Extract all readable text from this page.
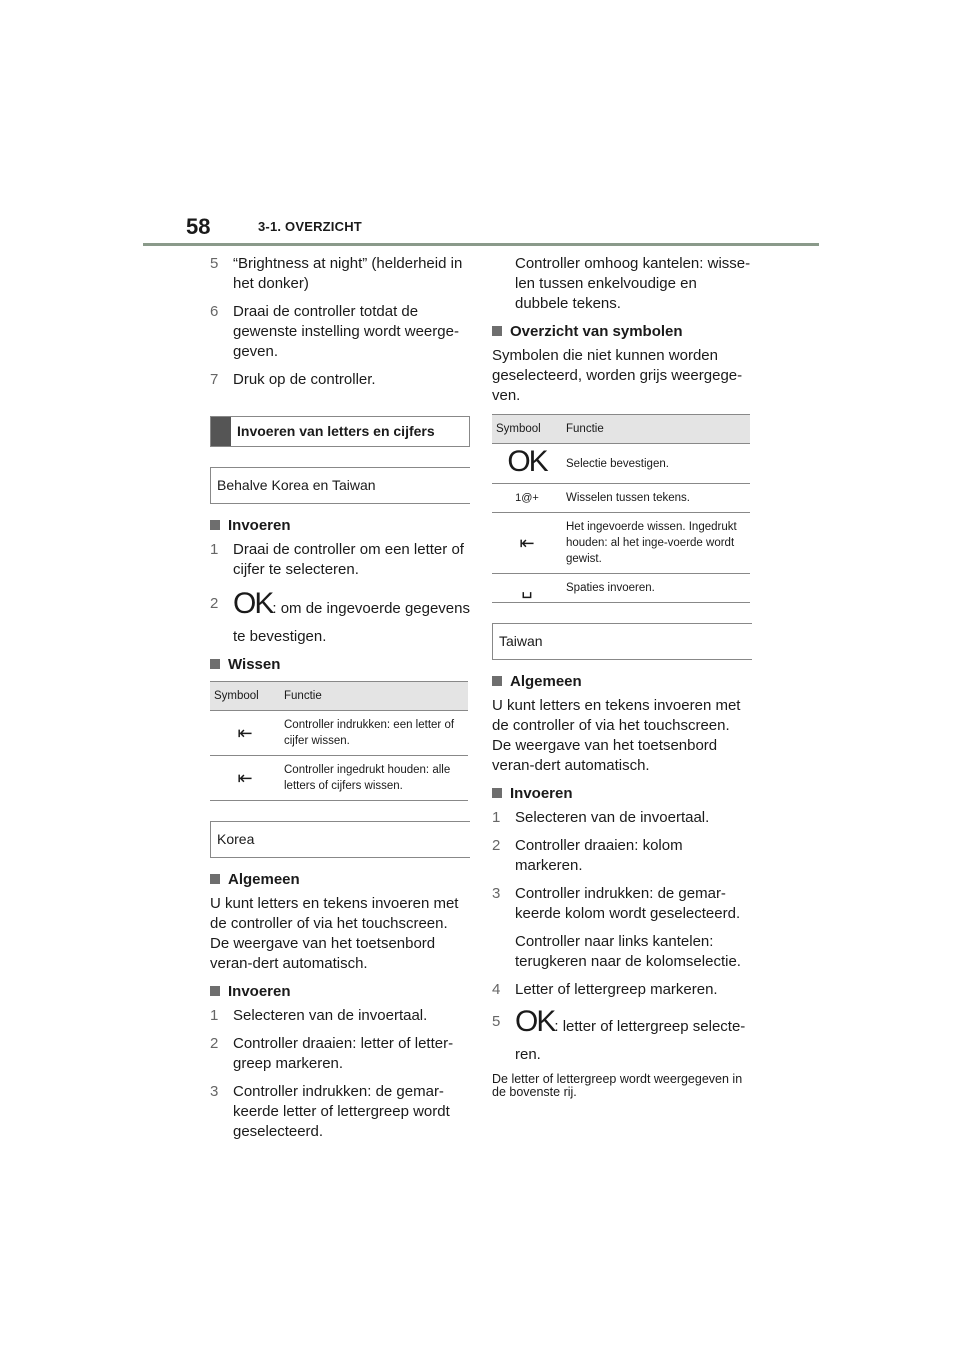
58	3-1. OVERZICHT
5 “Brightness at night” (helderheid in het donker)
6 Draai de controller totdat de gewenste instelling wordt weerge-geven.
7 Druk op de controller.
Invoeren van letters en cijfers
Behalve Korea en Taiwan
Invoeren
1 Draai de controller om een letter of cijfer te selecteren.
2 OK: om de ingevoerde gegevens
te bevestigen.
Wissen
Symbool	Functie
⇤	Controller indrukken: een letter of cijfer wissen.
⇤	Controller ingedrukt houden: alle letters of cijfers wissen.
Korea
Algemeen
U kunt letters en tekens invoeren met de controller of via het touchscreen. De weergave van het toetsenbord veran-dert automatisch.
Invoeren
1 Selecteren van de invoertaal.
2 Controller draaien: letter of letter-greep markeren.
3 Controller indrukken: de gemar-keerde letter of lettergreep wordt geselecteerd.
Controller omhoog kantelen: wisse-len tussen enkelvoudige en dubbele tekens.
Overzicht van symbolen
Symbolen die niet kunnen worden geselecteerd, worden grijs weergege-ven.
Symbool	Functie
OK	Selectie bevestigen.
1@+	Wisselen tussen tekens.
⇤	Het ingevoerde wissen. Ingedrukt houden: al het inge-voerde wordt gewist.
␣	Spaties invoeren.
Taiwan
Algemeen
U kunt letters en tekens invoeren met de controller of via het touchscreen. De weergave van het toetsenbord veran-dert automatisch.
Invoeren
1 Selecteren van de invoertaal.
2 Controller draaien: kolom markeren.
3 Controller indrukken: de gemar-keerde kolom wordt geselecteerd.
Controller naar links kantelen: terugkeren naar de kolomselectie.
4 Letter of lettergreep markeren.
5 OK: letter of lettergreep selecte-
ren.
De letter of lettergreep wordt weergegeven in de bovenste rij.
